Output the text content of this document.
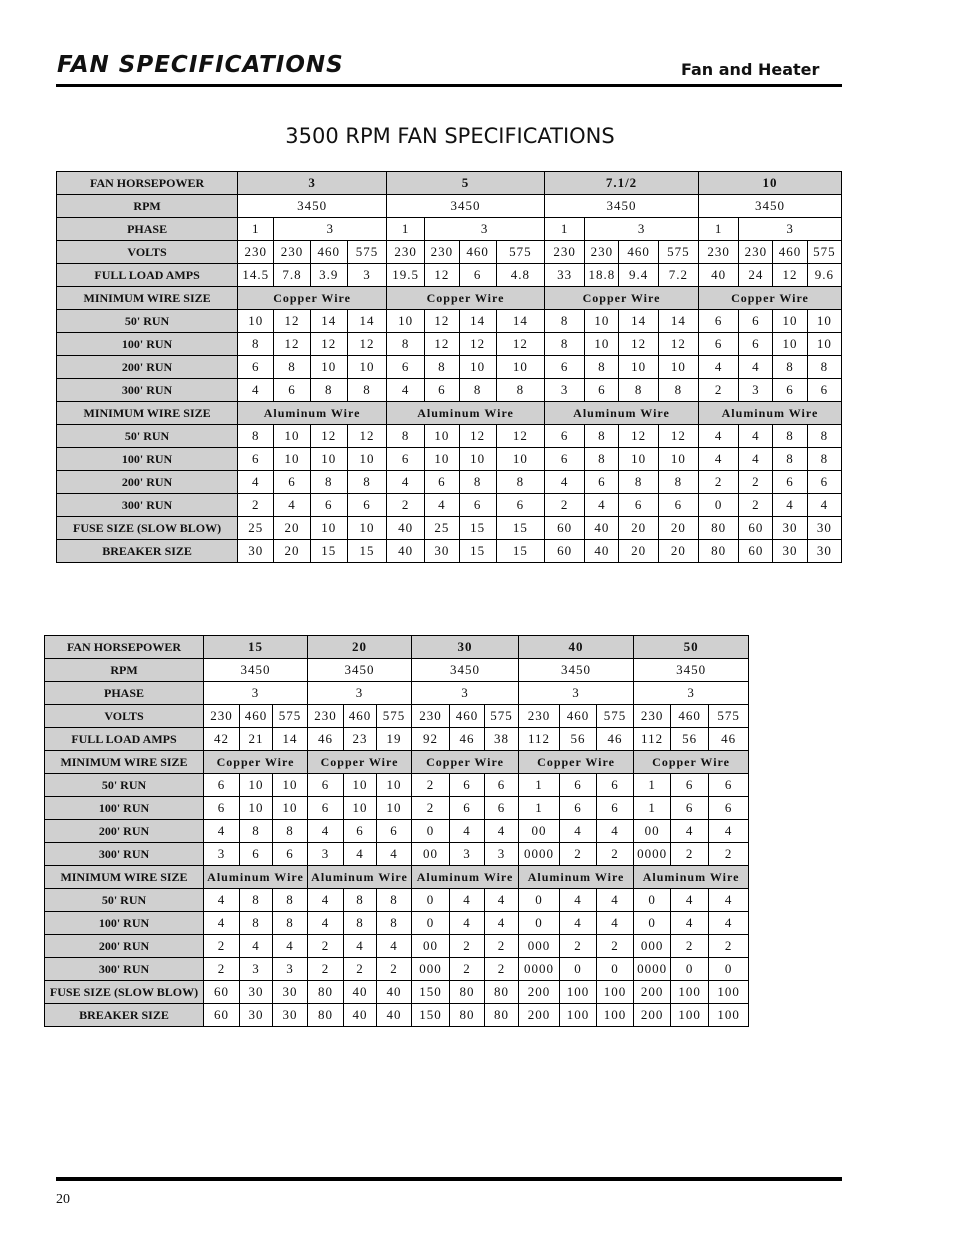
FAN SPECIFICATIONS	Fan and Heater
3500 RPM FAN SPECIFICATIONS
FAN HORSEPOWER	3				5				7.1/2				10			
RPM	3450				3450				3450				3450			
PHASE	1	3			1	3			1	3			1	3		
VOLTS	230	230	460	575	230	230	460	575	230	230	460	575	230	230	460	575
FULL LOAD AMPS	14.5	7.8	3.9	3	19.5	12	6	4.8	33	18.8	9.4	7.2	40	24	12	9.6
MINIMUM WIRE SIZE	Copper Wire				Copper Wire				Copper Wire				Copper Wire			
50' RUN	10	12	14	14	10	12	14	14	8	10	14	14	6	6	10	10
100' RUN	8	12	12	12	8	12	12	12	8	10	12	12	6	6	10	10
200' RUN	6	8	10	10	6	8	10	10	6	8	10	10	4	4	8	8
300' RUN	4	6	8	8	4	6	8	8	3	6	8	8	2	3	6	6
MINIMUM WIRE SIZE	Aluminum Wire				Aluminum Wire				Aluminum Wire				Aluminum Wire			
50' RUN	8	10	12	12	8	10	12	12	6	8	12	12	4	4	8	8
100' RUN	6	10	10	10	6	10	10	10	6	8	10	10	4	4	8	8
200' RUN	4	6	8	8	4	6	8	8	4	6	8	8	2	2	6	6
300' RUN	2	4	6	6	2	4	6	6	2	4	6	6	0	2	4	4
FUSE SIZE (SLOW BLOW)	25	20	10	10	40	25	15	15	60	40	20	20	80	60	30	30
BREAKER SIZE	30	20	15	15	40	30	15	15	60	40	20	20	80	60	30	30
FAN HORSEPOWER	15			20			30			40			50		
RPM	3450			3450			3450			3450			3450		
PHASE	3			3			3			3			3		
VOLTS	230	460	575	230	460	575	230	460	575	230	460	575	230	460	575
FULL LOAD AMPS	42	21	14	46	23	19	92	46	38	112	56	46	112	56	46
MINIMUM WIRE SIZE	Copper Wire			Copper Wire			Copper Wire			Copper Wire			Copper Wire		
50' RUN	6	10	10	6	10	10	2	6	6	1	6	6	1	6	6
100' RUN	6	10	10	6	10	10	2	6	6	1	6	6	1	6	6
200' RUN	4	8	8	4	6	6	0	4	4	00	4	4	00	4	4
300' RUN	3	6	6	3	4	4	00	3	3	0000	2	2	0000	2	2
MINIMUM WIRE SIZE	Aluminum Wire			Aluminum Wire			Aluminum Wire			Aluminum Wire			Aluminum Wire		
50' RUN	4	8	8	4	8	8	0	4	4	0	4	4	0	4	4
100' RUN	4	8	8	4	8	8	0	4	4	0	4	4	0	4	4
200' RUN	2	4	4	2	4	4	00	2	2	000	2	2	000	2	2
300' RUN	2	3	3	2	2	2	000	2	2	0000	0	0	0000	0	0
FUSE SIZE (SLOW BLOW)	60	30	30	80	40	40	150	80	80	200	100	100	200	100	100
BREAKER SIZE	60	30	30	80	40	40	150	80	80	200	100	100	200	100	100
20
